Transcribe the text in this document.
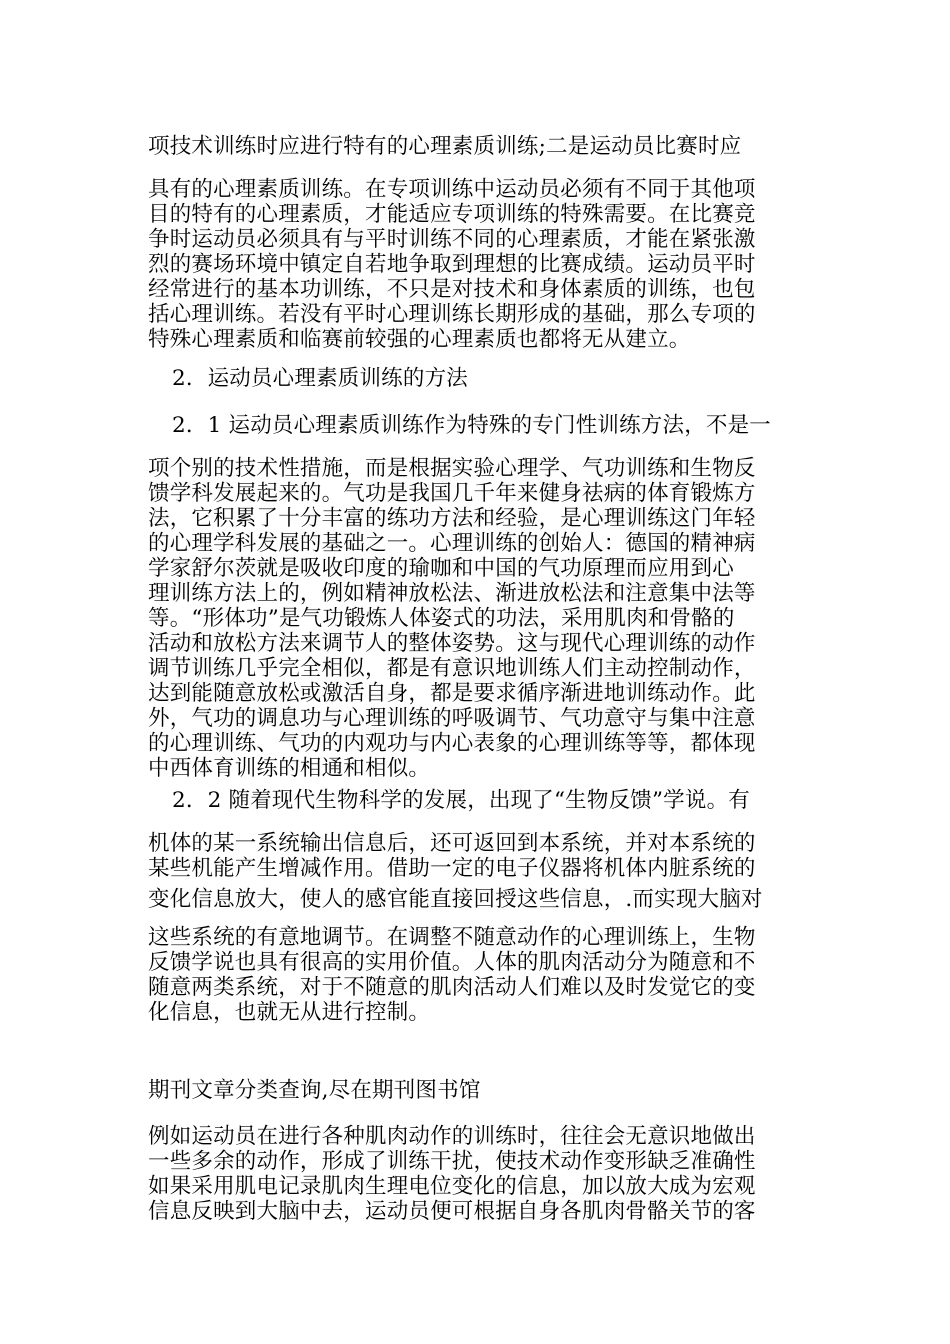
项技术训练时应进行特有的心理素质训练;二是运动员比赛时应
具有的心理素质训练。在专项训练中运动员必须有不同于其他项
目的特有的心理素质，才能适应专项训练的特殊需要。在比赛竞
争时运动员必须具有与平时训练不同的心理素质，才能在紧张激
烈的赛场环境中镇定自若地争取到理想的比赛成绩。运动员平时
经常进行的基本功训练，不只是对技术和身体素质的训练，也包
括心理训练。若没有平时心理训练长期形成的基础，那么专项的
特殊心理素质和临赛前较强的心理素质也都将无从建立。
2．运动员心理素质训练的方法
2．1 运动员心理素质训练作为特殊的专门性训练方法，不是一
项个别的技术性措施，而是根据实验心理学、气功训练和生物反
馈学科发展起来的。气功是我国几千年来健身祛病的体育锻炼方
法，它积累了十分丰富的练功方法和经验，是心理训练这门年轻
的心理学科发展的基础之一。心理训练的创始人：德国的精神病
学家舒尔茨就是吸收印度的瑜咖和中国的气功原理而应用到心
理训练方法上的，例如精神放松法、渐进放松法和注意集中法等
等。“形体功”是气功锻炼人体姿式的功法，采用肌肉和骨骼的
活动和放松方法来调节人的整体姿势。这与现代心理训练的动作
调节训练几乎完全相似，都是有意识地训练人们主动控制动作，
达到能随意放松或激活自身，都是要求循序渐进地训练动作。此
外，气功的调息功与心理训练的呼吸调节、气功意守与集中注意
的心理训练、气功的内观功与内心表象的心理训练等等，都体现
中西体育训练的相通和相似。
2．2 随着现代生物科学的发展，出现了“生物反馈”学说。有
机体的某一系统输出信息后，还可返回到本系统，并对本系统的
某些机能产生增减作用。借助一定的电子仪器将机体内脏系统的
变化信息放大，使人的感官能直接回授这些信息，.而实现大脑对
这些系统的有意地调节。在调整不随意动作的心理训练上，生物
反馈学说也具有很高的实用价值。人体的肌肉活动分为随意和不
随意两类系统，对于不随意的肌肉活动人们难以及时发觉它的变
化信息，也就无从进行控制。
期刊文章分类查询,尽在期刊图书馆
例如运动员在进行各种肌肉动作的训练时，往往会无意识地做出
一些多余的动作，形成了训练干扰，使技术动作变形缺乏准确性
如果采用肌电记录肌肉生理电位变化的信息，加以放大成为宏观
信息反映到大脑中去，运动员便可根据自身各肌肉骨骼关节的客
